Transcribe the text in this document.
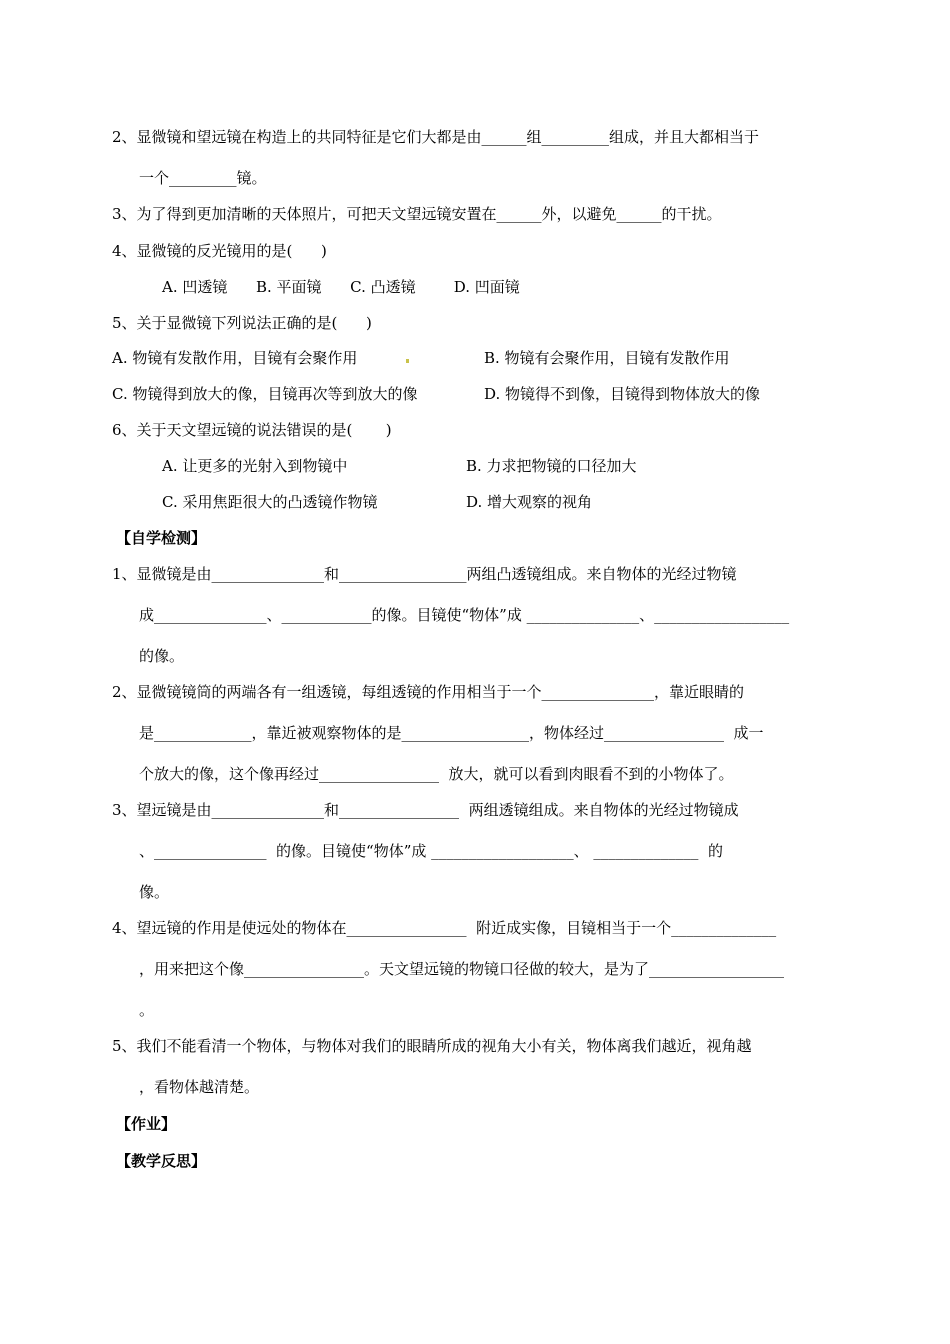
2、显微镜和望远镜在构造上的共同特征是它们大都是由______组_________组成，并且大都相当于
一个_________镜。
3、为了得到更加清晰的天体照片，可把天文望远镜安置在______外，以避免______的干扰。
4、显微镜的反光镜用的是(      )
A. 凹透镜      B. 平面镜      C. 凸透镜        D. 凹面镜
5、关于显微镜下列说法正确的是(      )
A. 物镜有发散作用，目镜有会聚作用	B. 物镜有会聚作用，目镜有发散作用
C. 物镜得到放大的像，目镜再次等到放大的像	D. 物镜得不到像，目镜得到物体放大的像
6、关于天文望远镜的说法错误的是(       )
A. 让更多的光射入到物镜中	B. 力求把物镜的口径加大
C. 采用焦距很大的凸透镜作物镜	D. 增大观察的视角
【自学检测】
1、显微镜是由_______________和_________________两组凸透镜组成。来自物体的光经过物镜
成_______________、____________的像。目镜使“物体”成 _______________、__________________
的像。
2、显微镜镜筒的两端各有一组透镜，每组透镜的作用相当于一个_______________，靠近眼睛的
是_____________，靠近被观察物体的是_________________，物体经过________________  成一
个放大的像，这个像再经过________________  放大，就可以看到肉眼看不到的小物体了。
3、望远镜是由_______________和________________  两组透镜组成。来自物体的光经过物镜成
、_______________  的像。目镜使“物体”成 ___________________、 ______________  的
像。
4、望远镜的作用是使远处的物体在________________  附近成实像，目镜相当于一个______________
，用来把这个像________________。天文望远镜的物镜口径做的较大，是为了__________________
。
5、我们不能看清一个物体，与物体对我们的眼睛所成的视角大小有关，物体离我们越近，视角越
，看物体越清楚。
【作业】
【教学反思】
